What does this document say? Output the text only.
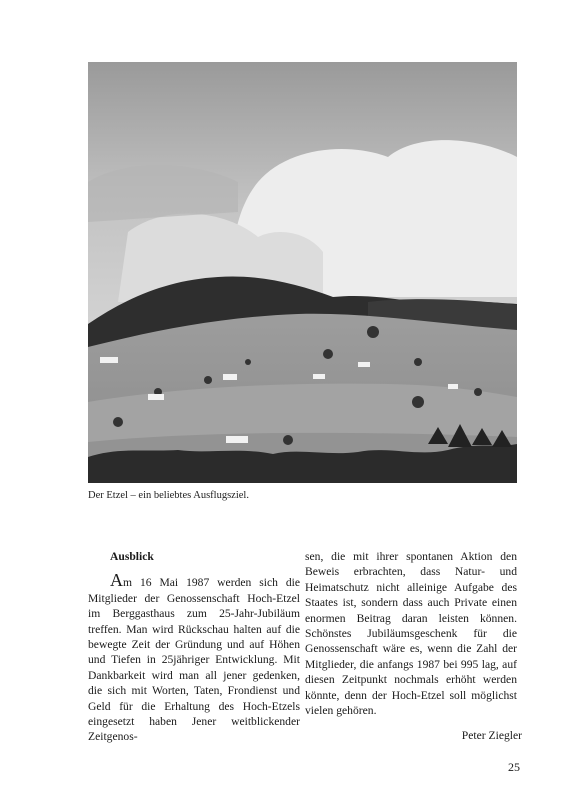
Der Etzel – ein beliebtes Ausflugsziel.
Ausblick

Am 16 Mai 1987 werden sich die Mitglieder der Genossenschaft Hoch-Etzel im Berggasthaus zum 25-Jahr-Jubiläum treffen. Man wird Rückschau halten auf die bewegte Zeit der Gründung und auf Höhen und Tiefen in 25jähriger Entwicklung. Mit Dankbarkeit wird man all jener gedenken, die sich mit Worten, Taten, Frondienst und Geld für die Erhaltung des Hoch-Etzels eingesetzt haben Jener weitblickender Zeitgenos-

sen, die mit ihrer spontanen Aktion den Beweis erbrachten, dass Natur- und Heimatschutz nicht alleinige Aufgabe des Staates ist, sondern dass auch Private einen enormen Beitrag daran leisten können. Schönstes Jubiläumsgeschenk für die Genossenschaft wäre es, wenn die Zahl der Mitglieder, die anfangs 1987 bei 995 lag, auf diesen Zeitpunkt nochmals erhöht werden könnte, denn der Hoch-Etzel soll möglichst vielen gehören.

Peter Ziegler
25
